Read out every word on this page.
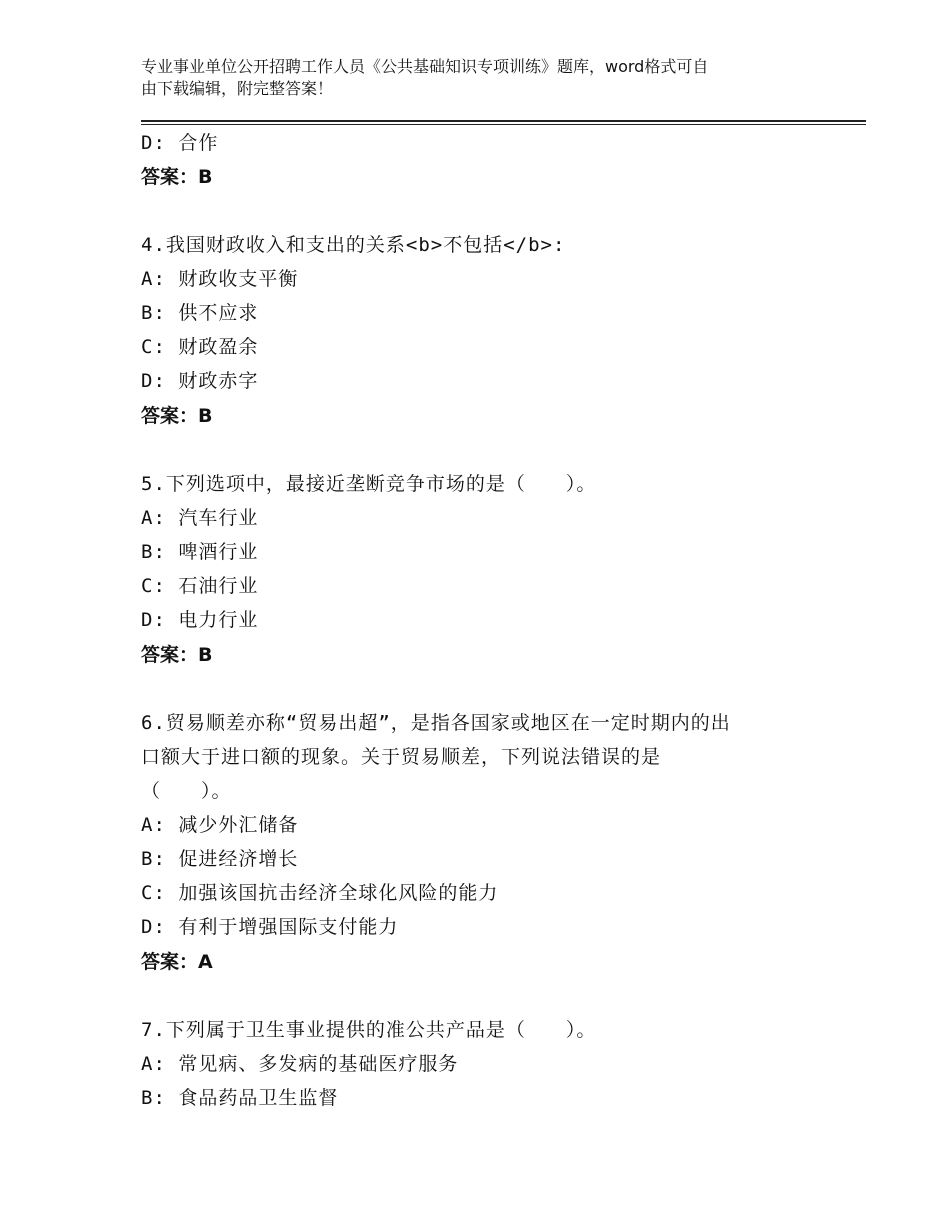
专业事业单位公开招聘工作人员《公共基础知识专项训练》题库，word格式可自
由下载编辑，附完整答案！
D: 合作
答案：B
4.我国财政收入和支出的关系<b>不包括</b>:
A: 财政收支平衡
B: 供不应求
C: 财政盈余
D: 财政赤字
答案：B
5.下列选项中，最接近垄断竞争市场的是（　　）。
A: 汽车行业
B: 啤酒行业
C: 石油行业
D: 电力行业
答案：B
6.贸易顺差亦称“贸易出超”，是指各国家或地区在一定时期内的出
口额大于进口额的现象。关于贸易顺差，下列说法错误的是
（　　）。
A: 减少外汇储备
B: 促进经济增长
C: 加强该国抗击经济全球化风险的能力
D: 有利于增强国际支付能力
答案：A
7.下列属于卫生事业提供的准公共产品是（　　）。
A: 常见病、多发病的基础医疗服务
B: 食品药品卫生监督
